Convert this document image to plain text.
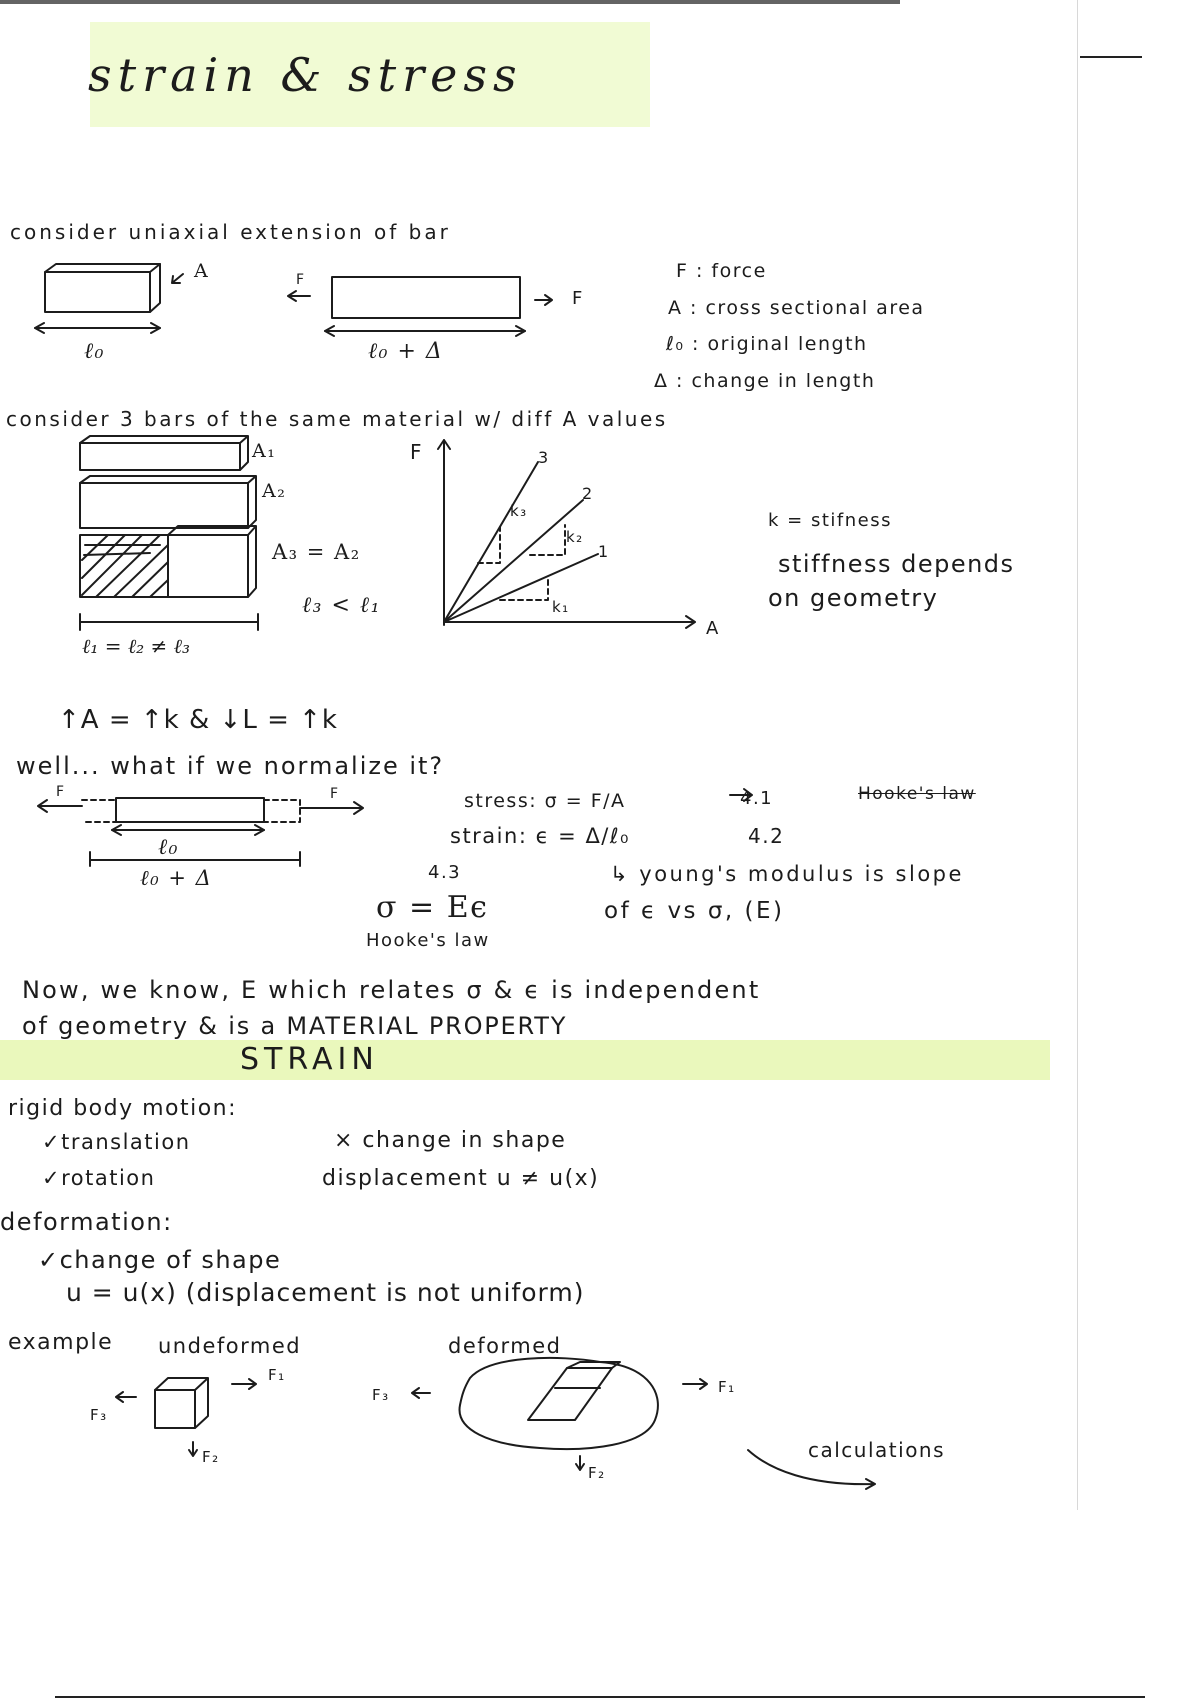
strain & stress
consider uniaxial extension of bar
A
ℓ₀
F
F
ℓ₀ + Δ
F : force
A : cross sectional area
ℓ₀ : original length
Δ : change in length
consider 3 bars of the same material w/ diff A values
A₁
A₂
A₃ = A₂
ℓ₃ < ℓ₁
ℓ₁ = ℓ₂ ≠ ℓ₃
F
A
3
2
1
k₃
k₂
k₁
k = stifness
stiffness depends
on geometry
↑A = ↑k & ↓L = ↑k
well... what if we normalize it?
F	F
ℓ₀
ℓ₀ + Δ
stress: σ = F/A	4.1	Hooke's law
strain: ϵ = Δ/ℓ₀	4.2
4.3
σ = Eϵ
Hooke's law
↳ young's modulus is slope
of ϵ vs σ, (E)
Now, we know, E which relates σ & ϵ is independent
of geometry & is a MATERIAL PROPERTY
STRAIN
rigid body motion:
✓translation
✓rotation
× change in shape
displacement u ≠ u(x)
deformation:
✓change of shape
u = u(x) (displacement is not uniform)
example undeformed	deformed
F₁
F₃
F₂
F₃	F₁
F₂
calculations
